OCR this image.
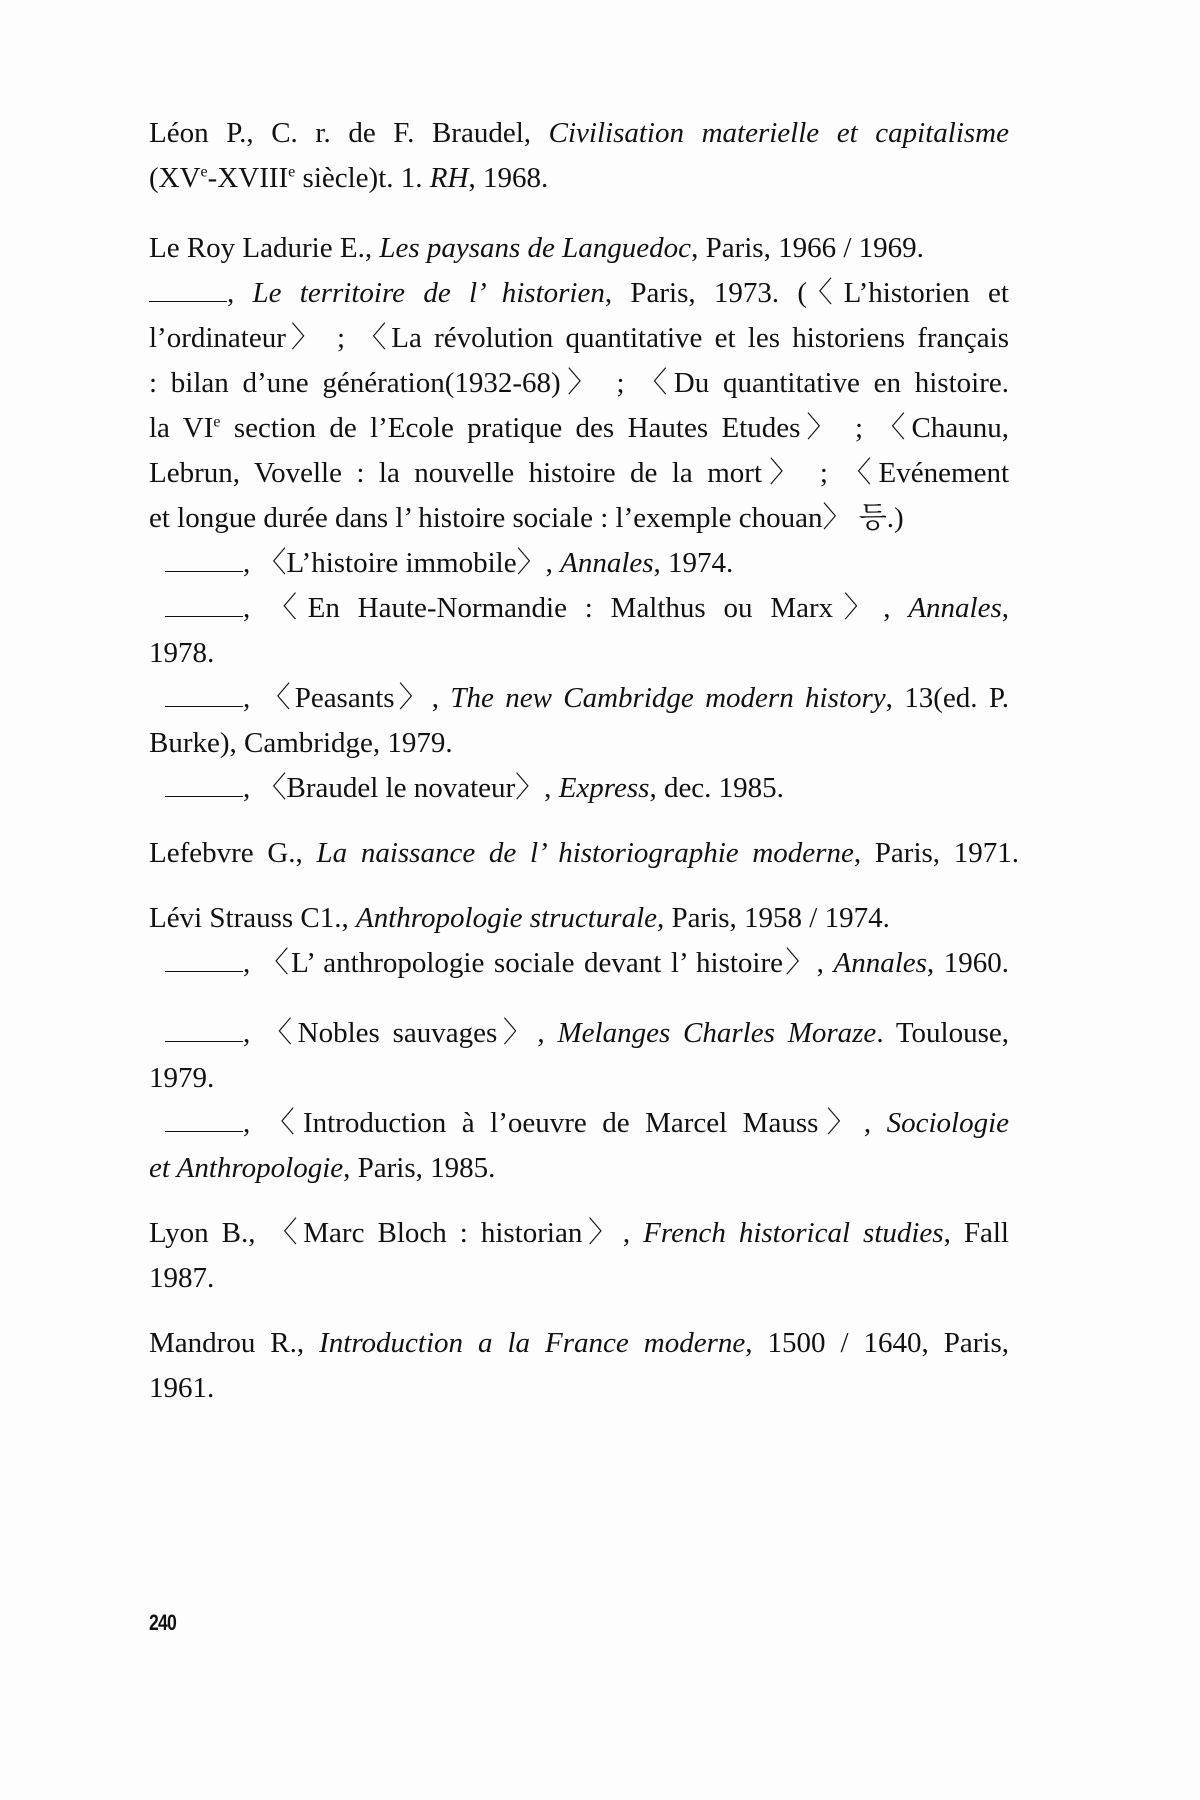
Léon P., C. r. de F. Braudel, Civilisation materielle et capitalisme
(XVe-XVIIIe siècle)t. 1. RH, 1968.
Le Roy Ladurie E., Les paysans de Languedoc, Paris, 1966 / 1969.
, Le territoire de l’ historien, Paris, 1973. (〈L’historien et
l’ordinateur〉 ; 〈La révolution quantitative et les historiens français
: bilan d’une génération(1932-68)〉 ; 〈Du quantitative en histoire.
la VIe section de l’Ecole pratique des Hautes Etudes〉 ; 〈Chaunu,
Lebrun, Vovelle : la nouvelle histoire de la mort〉 ; 〈Evénement
et longue durée dans l’ histoire sociale : l’exemple chouan〉 등.)
, 〈L’histoire immobile〉, Annales, 1974.
, 〈En Haute-Normandie : Malthus ou Marx〉, Annales,
1978.
, 〈Peasants〉, The new Cambridge modern history, 13(ed. P.
Burke), Cambridge, 1979.
, 〈Braudel le novateur〉, Express, dec. 1985.
Lefebvre G., La naissance de l’ historiographie moderne, Paris, 1971.
Lévi Strauss C1., Anthropologie structurale, Paris, 1958 / 1974.
, 〈L’ anthropologie sociale devant l’ histoire〉, Annales, 1960.
, 〈Nobles sauvages〉, Melanges Charles Moraze. Toulouse,
1979.
, 〈Introduction à l’oeuvre de Marcel Mauss〉, Sociologie
et Anthropologie, Paris, 1985.
Lyon B., 〈Marc Bloch : historian〉, French historical studies, Fall
1987.
Mandrou R., Introduction a la France moderne, 1500 / 1640, Paris,
1961.
240
